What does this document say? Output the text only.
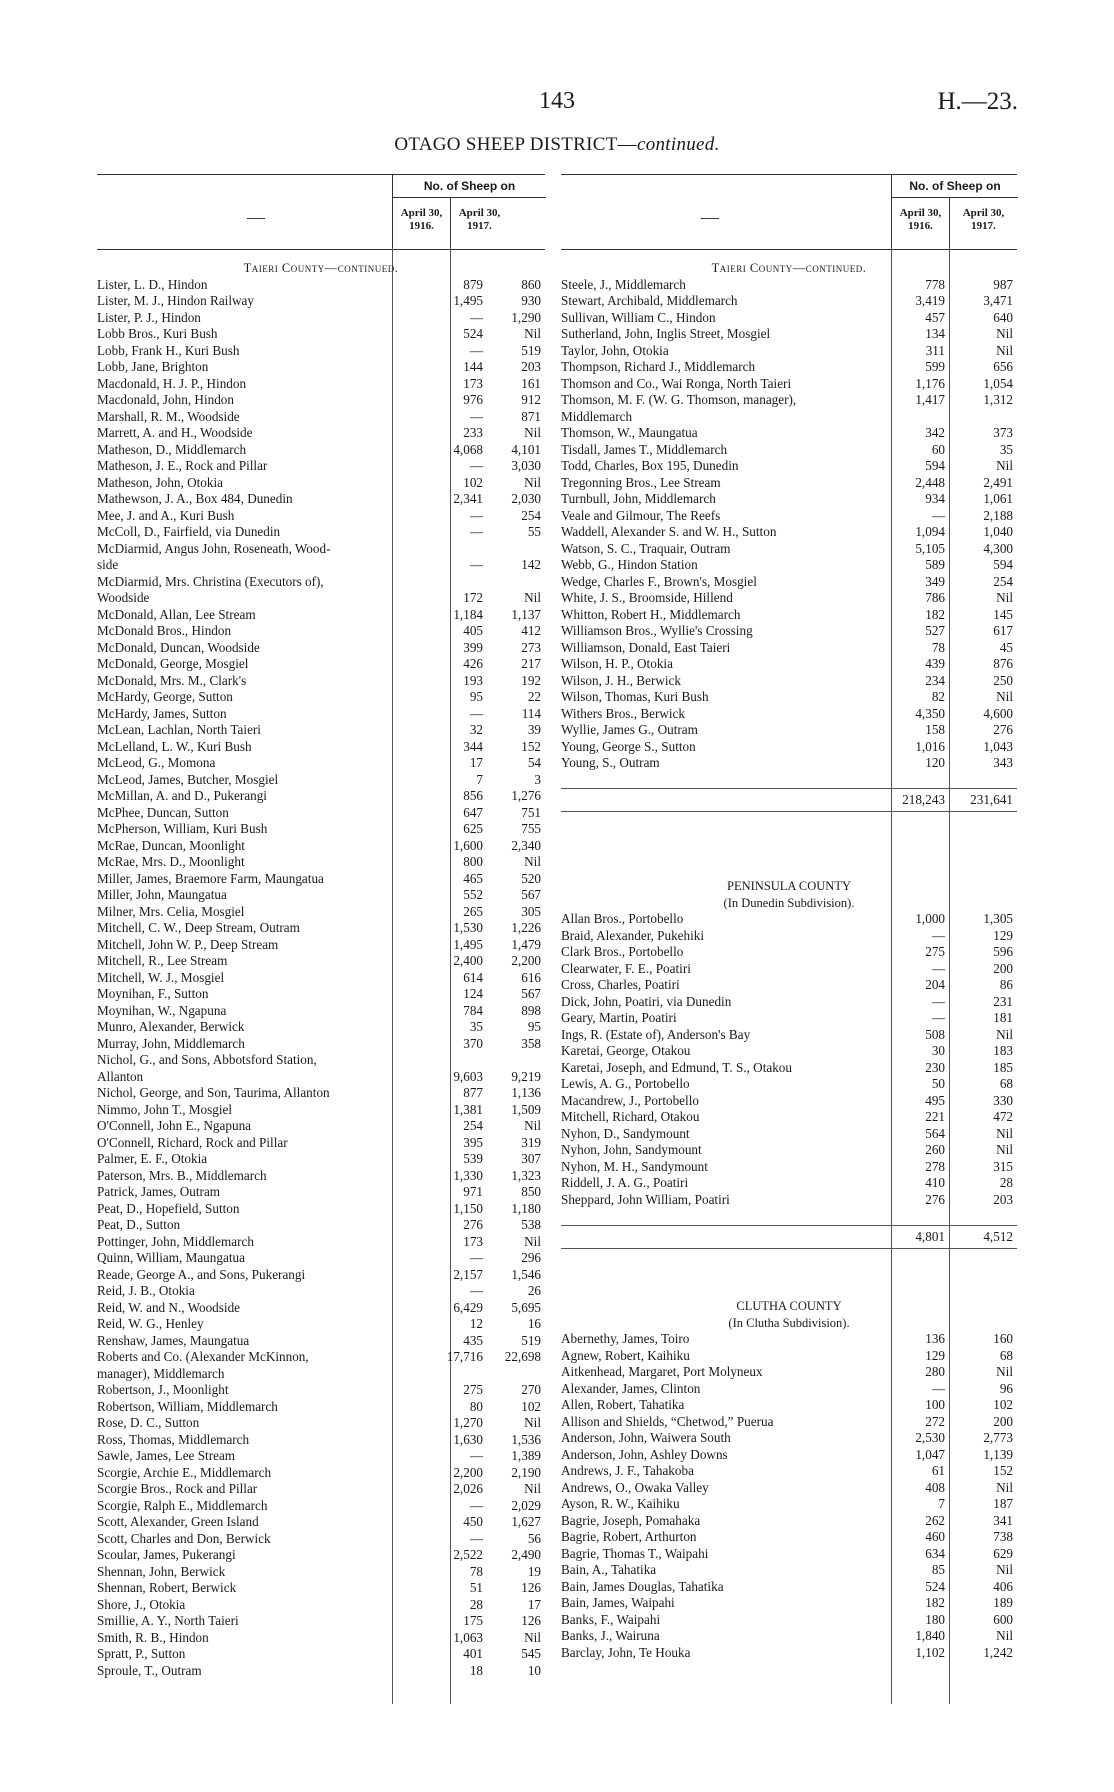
143	H.—23.
OTAGO SHEEP DISTRICT—continued.
—
No. of Sheep on
April 30, 1916.
April 30, 1917.
Taieri County—continued.
Lister, L. D., Hindon	879	860
Lister, M. J., Hindon Railway	1,495	930
Lister, P. J., Hindon	—	1,290
Lobb Bros., Kuri Bush	524	Nil
Lobb, Frank H., Kuri Bush	—	519
Lobb, Jane, Brighton	144	203
Macdonald, H. J. P., Hindon	173	161
Macdonald, John, Hindon	976	912
Marshall, R. M., Woodside	—	871
Marrett, A. and H., Woodside	233	Nil
Matheson, D., Middlemarch	4,068	4,101
Matheson, J. E., Rock and Pillar	—	3,030
Matheson, John, Otokia	102	Nil
Mathewson, J. A., Box 484, Dunedin	2,341	2,030
Mee, J. and A., Kuri Bush	—	254
McColl, D., Fairfield, via Dunedin	—	55
McDiarmid, Angus John, Roseneath, Wood-
side	—	142
McDiarmid, Mrs. Christina (Executors of),
Woodside	172	Nil
McDonald, Allan, Lee Stream	1,184	1,137
McDonald Bros., Hindon	405	412
McDonald, Duncan, Woodside	399	273
McDonald, George, Mosgiel	426	217
McDonald, Mrs. M., Clark's	193	192
McHardy, George, Sutton	95	22
McHardy, James, Sutton	—	114
McLean, Lachlan, North Taieri	32	39
McLelland, L. W., Kuri Bush	344	152
McLeod, G., Momona	17	54
McLeod, James, Butcher, Mosgiel	7	3
McMillan, A. and D., Pukerangi	856	1,276
McPhee, Duncan, Sutton	647	751
McPherson, William, Kuri Bush	625	755
McRae, Duncan, Moonlight	1,600	2,340
McRae, Mrs. D., Moonlight	800	Nil
Miller, James, Braemore Farm, Maungatua	465	520
Miller, John, Maungatua	552	567
Milner, Mrs. Celia, Mosgiel	265	305
Mitchell, C. W., Deep Stream, Outram	1,530	1,226
Mitchell, John W. P., Deep Stream	1,495	1,479
Mitchell, R., Lee Stream	2,400	2,200
Mitchell, W. J., Mosgiel	614	616
Moynihan, F., Sutton	124	567
Moynihan, W., Ngapuna	784	898
Munro, Alexander, Berwick	35	95
Murray, John, Middlemarch	370	358
Nichol, G., and Sons, Abbotsford Station,
Allanton	9,603	9,219
Nichol, George, and Son, Taurima, Allanton	877	1,136
Nimmo, John T., Mosgiel	1,381	1,509
O'Connell, John E., Ngapuna	254	Nil
O'Connell, Richard, Rock and Pillar	395	319
Palmer, E. F., Otokia	539	307
Paterson, Mrs. B., Middlemarch	1,330	1,323
Patrick, James, Outram	971	850
Peat, D., Hopefield, Sutton	1,150	1,180
Peat, D., Sutton	276	538
Pottinger, John, Middlemarch	173	Nil
Quinn, William, Maungatua	—	296
Reade, George A., and Sons, Pukerangi	2,157	1,546
Reid, J. B., Otokia	—	26
Reid, W. and N., Woodside	6,429	5,695
Reid, W. G., Henley	12	16
Renshaw, James, Maungatua	435	519
Roberts and Co. (Alexander McKinnon,	17,716	22,698
manager), Middlemarch
Robertson, J., Moonlight	275	270
Robertson, William, Middlemarch	80	102
Rose, D. C., Sutton	1,270	Nil
Ross, Thomas, Middlemarch	1,630	1,536
Sawle, James, Lee Stream	—	1,389
Scorgie, Archie E., Middlemarch	2,200	2,190
Scorgie Bros., Rock and Pillar	2,026	Nil
Scorgie, Ralph E., Middlemarch	—	2,029
Scott, Alexander, Green Island	450	1,627
Scott, Charles and Don, Berwick	—	56
Scoular, James, Pukerangi	2,522	2,490
Shennan, John, Berwick	78	19
Shennan, Robert, Berwick	51	126
Shore, J., Otokia	28	17
Smillie, A. Y., North Taieri	175	126
Smith, R. B., Hindon	1,063	Nil
Spratt, P., Sutton	401	545
Sproule, T., Outram	18	10
—
No. of Sheep on
April 30, 1916.
April 30, 1917.
Taieri County—continued.
Steele, J., Middlemarch	778	987
Stewart, Archibald, Middlemarch	3,419	3,471
Sullivan, William C., Hindon	457	640
Sutherland, John, Inglis Street, Mosgiel	134	Nil
Taylor, John, Otokia	311	Nil
Thompson, Richard J., Middlemarch	599	656
Thomson and Co., Wai Ronga, North Taieri	1,176	1,054
Thomson, M. F. (W. G. Thomson, manager),	1,417	1,312
Middlemarch
Thomson, W., Maungatua	342	373
Tisdall, James T., Middlemarch	60	35
Todd, Charles, Box 195, Dunedin	594	Nil
Tregonning Bros., Lee Stream	2,448	2,491
Turnbull, John, Middlemarch	934	1,061
Veale and Gilmour, The Reefs	—	2,188
Waddell, Alexander S. and W. H., Sutton	1,094	1,040
Watson, S. C., Traquair, Outram	5,105	4,300
Webb, G., Hindon Station	589	594
Wedge, Charles F., Brown's, Mosgiel	349	254
White, J. S., Broomside, Hillend	786	Nil
Whitton, Robert H., Middlemarch	182	145
Williamson Bros., Wyllie's Crossing	527	617
Williamson, Donald, East Taieri	78	45
Wilson, H. P., Otokia	439	876
Wilson, J. H., Berwick	234	250
Wilson, Thomas, Kuri Bush	82	Nil
Withers Bros., Berwick	4,350	4,600
Wyllie, James G., Outram	158	276
Young, George S., Sutton	1,016	1,043
Young, S., Outram	120	343
218,243	231,641
PENINSULA COUNTY
(In Dunedin Subdivision).
Allan Bros., Portobello	1,000	1,305
Braid, Alexander, Pukehiki	—	129
Clark Bros., Portobello	275	596
Clearwater, F. E., Poatiri	—	200
Cross, Charles, Poatiri	204	86
Dick, John, Poatiri, via Dunedin	—	231
Geary, Martin, Poatiri	—	181
Ings, R. (Estate of), Anderson's Bay	508	Nil
Karetai, George, Otakou	30	183
Karetai, Joseph, and Edmund, T. S., Otakou	230	185
Lewis, A. G., Portobello	50	68
Macandrew, J., Portobello	495	330
Mitchell, Richard, Otakou	221	472
Nyhon, D., Sandymount	564	Nil
Nyhon, John, Sandymount	260	Nil
Nyhon, M. H., Sandymount	278	315
Riddell, J. A. G., Poatiri	410	28
Sheppard, John William, Poatiri	276	203
4,801	4,512
CLUTHA COUNTY
(In Clutha Subdivision).
Abernethy, James, Toiro	136	160
Agnew, Robert, Kaihiku	129	68
Aitkenhead, Margaret, Port Molyneux	280	Nil
Alexander, James, Clinton	—	96
Allen, Robert, Tahatika	100	102
Allison and Shields, “Chetwod,” Puerua	272	200
Anderson, John, Waiwera South	2,530	2,773
Anderson, John, Ashley Downs	1,047	1,139
Andrews, J. F., Tahakoba	61	152
Andrews, O., Owaka Valley	408	Nil
Ayson, R. W., Kaihiku	7	187
Bagrie, Joseph, Pomahaka	262	341
Bagrie, Robert, Arthurton	460	738
Bagrie, Thomas T., Waipahi	634	629
Bain, A., Tahatika	85	Nil
Bain, James Douglas, Tahatika	524	406
Bain, James, Waipahi	182	189
Banks, F., Waipahi	180	600
Banks, J., Wairuna	1,840	Nil
Barclay, John, Te Houka	1,102	1,242
